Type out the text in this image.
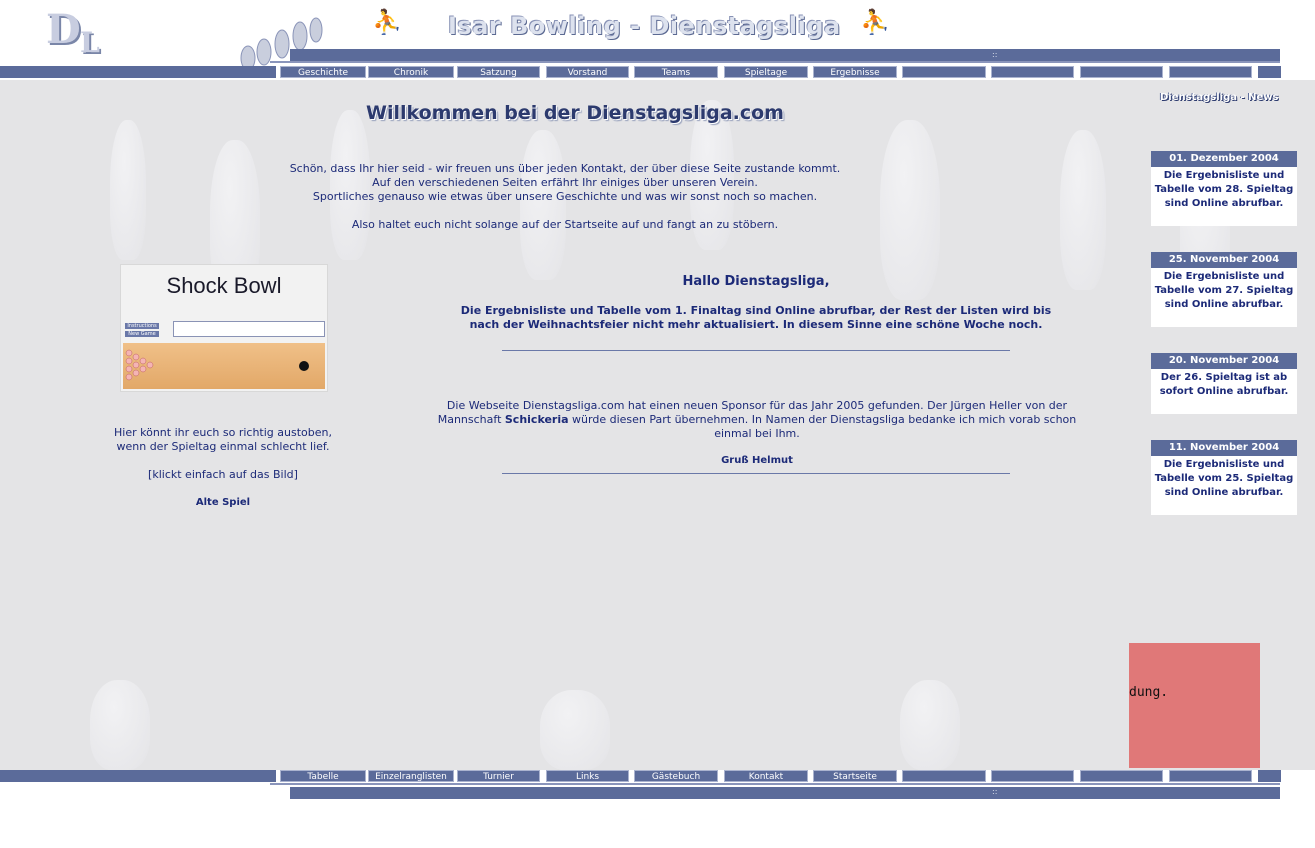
D L
⛹ Isar Bowling - Dienstagsliga ⛹
::
Geschichte	Chronik	Satzung	Vorstand	Teams	Spieltage	Ergebnisse
Willkommen bei der Dienstagsliga.com

Schön, dass Ihr hier seid - wir freuen uns über jeden Kontakt, der über diese Seite zustande kommt.

Auf den verschiedenen Seiten erfährt Ihr einiges über unseren Verein.

Sportliches genauso wie etwas über unsere Geschichte und was wir sonst noch so machen.

Also haltet euch nicht solange auf der Startseite auf und fangt an zu stöbern.

Hallo Dienstagsliga,
Die Ergebnisliste und Tabelle vom 1. Finaltag sind Online abrufbar, der Rest der Listen wird bis nach der Weihnachtsfeier nicht mehr aktualisiert. In diesem Sinne eine schöne Woche noch.
Die Webseite Dienstagsliga.com hat einen neuen Sponsor für das Jahr 2005 gefunden. Der Jürgen Heller von der Mannschaft Schickeria würde diesen Part übernehmen. In Namen der Dienstagsliga bedanke ich mich vorab schon einmal bei Ihm.
Gruß Helmut
Shock Bowl
Instructions
New Game
Hier könnt ihr euch so richtig austoben,
wenn der Spieltag einmal schlecht lief.
[klickt einfach auf das Bild]
Alte Spiel
Dienstagsliga - News
01. Dezember 2004
Die Ergebnisliste und Tabelle vom 28. Spieltag sind Online abrufbar.
25. November 2004
Die Ergebnisliste und Tabelle vom 27. Spieltag sind Online abrufbar.
20. November 2004
Der 26. Spieltag ist ab sofort Online abrufbar.
11. November 2004
Die Ergebnisliste und Tabelle vom 25. Spieltag sind Online abrufbar.
dung.
Tabelle	Einzelranglisten	Turnier	Links	Gästebuch	Kontakt	Startseite
::
